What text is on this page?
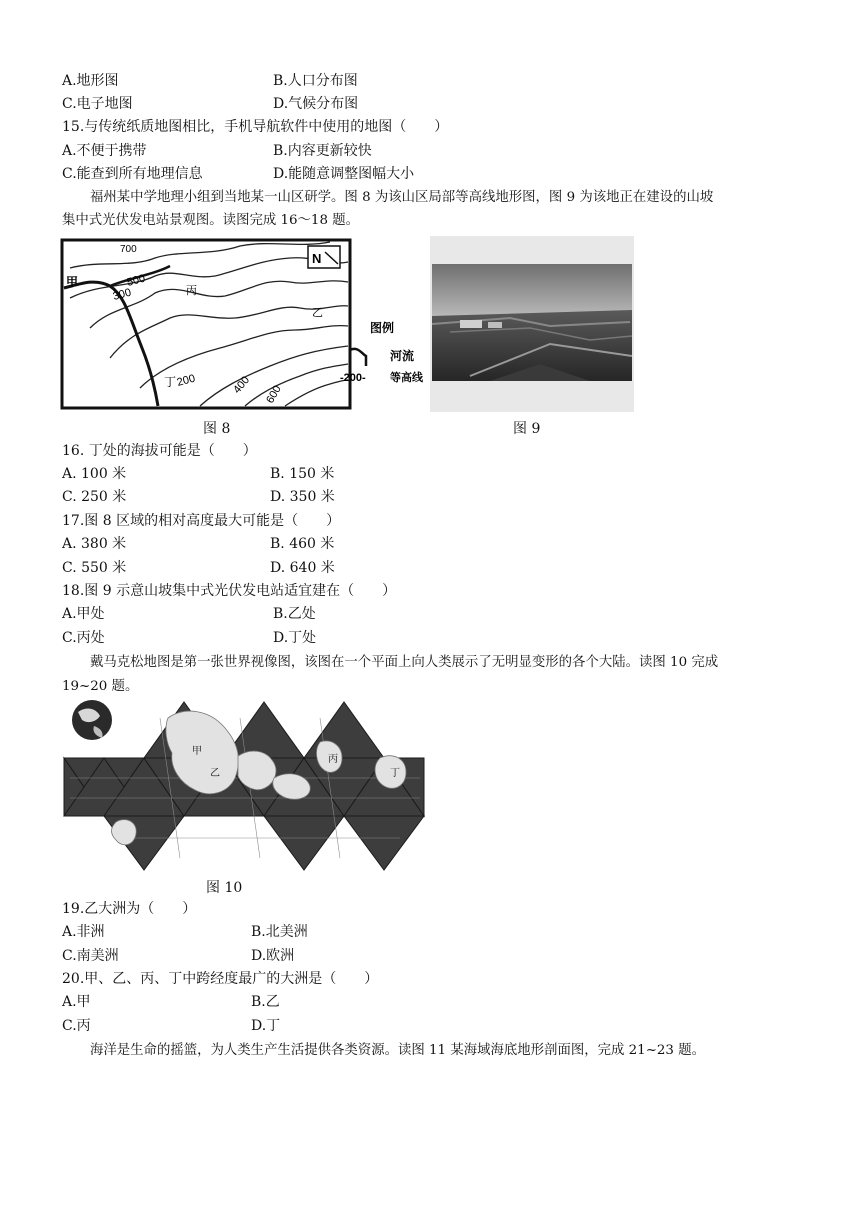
A.地形图	B.人口分布图
C.电子地图	D.气候分布图
15.与传统纸质地图相比，手机导航软件中使用的地图（　　）
A.不便于携带	B.内容更新较快
C.能查到所有地理信息	D.能随意调整图幅大小
福州某中学地理小组到当地某一山区研学。图 8 为该山区局部等高线地形图，图 9 为该地正在建设的山坡
集中式光伏发电站景观图。读图完成 16～18 题。
700
500
300	丙
乙
甲
丁 200	400 600
N
图例
河流
-200- 等高线
图 8	图 9
16. 丁处的海拔可能是（　　）
A. 100 米	B. 150 米
C. 250 米	D. 350 米
17.图 8 区域的相对高度最大可能是（　　）
A. 380 米	B. 460 米
C. 550 米	D. 640 米
18.图 9 示意山坡集中式光伏发电站适宜建在（　　）
A.甲处	B.乙处
C.丙处	D.丁处
戴马克松地图是第一张世界视像图，该图在一个平面上向人类展示了无明显变形的各个大陆。读图 10 完成
19~20 题。
甲
乙
丙
丁
图 10
19.乙大洲为（　　）
A.非洲	B.北美洲
C.南美洲	D.欧洲
20.甲、乙、丙、丁中跨经度最广的大洲是（　　）
A.甲	B.乙
C.丙	D.丁
海洋是生命的摇篮，为人类生产生活提供各类资源。读图 11 某海域海底地形剖面图，完成 21~23 题。
